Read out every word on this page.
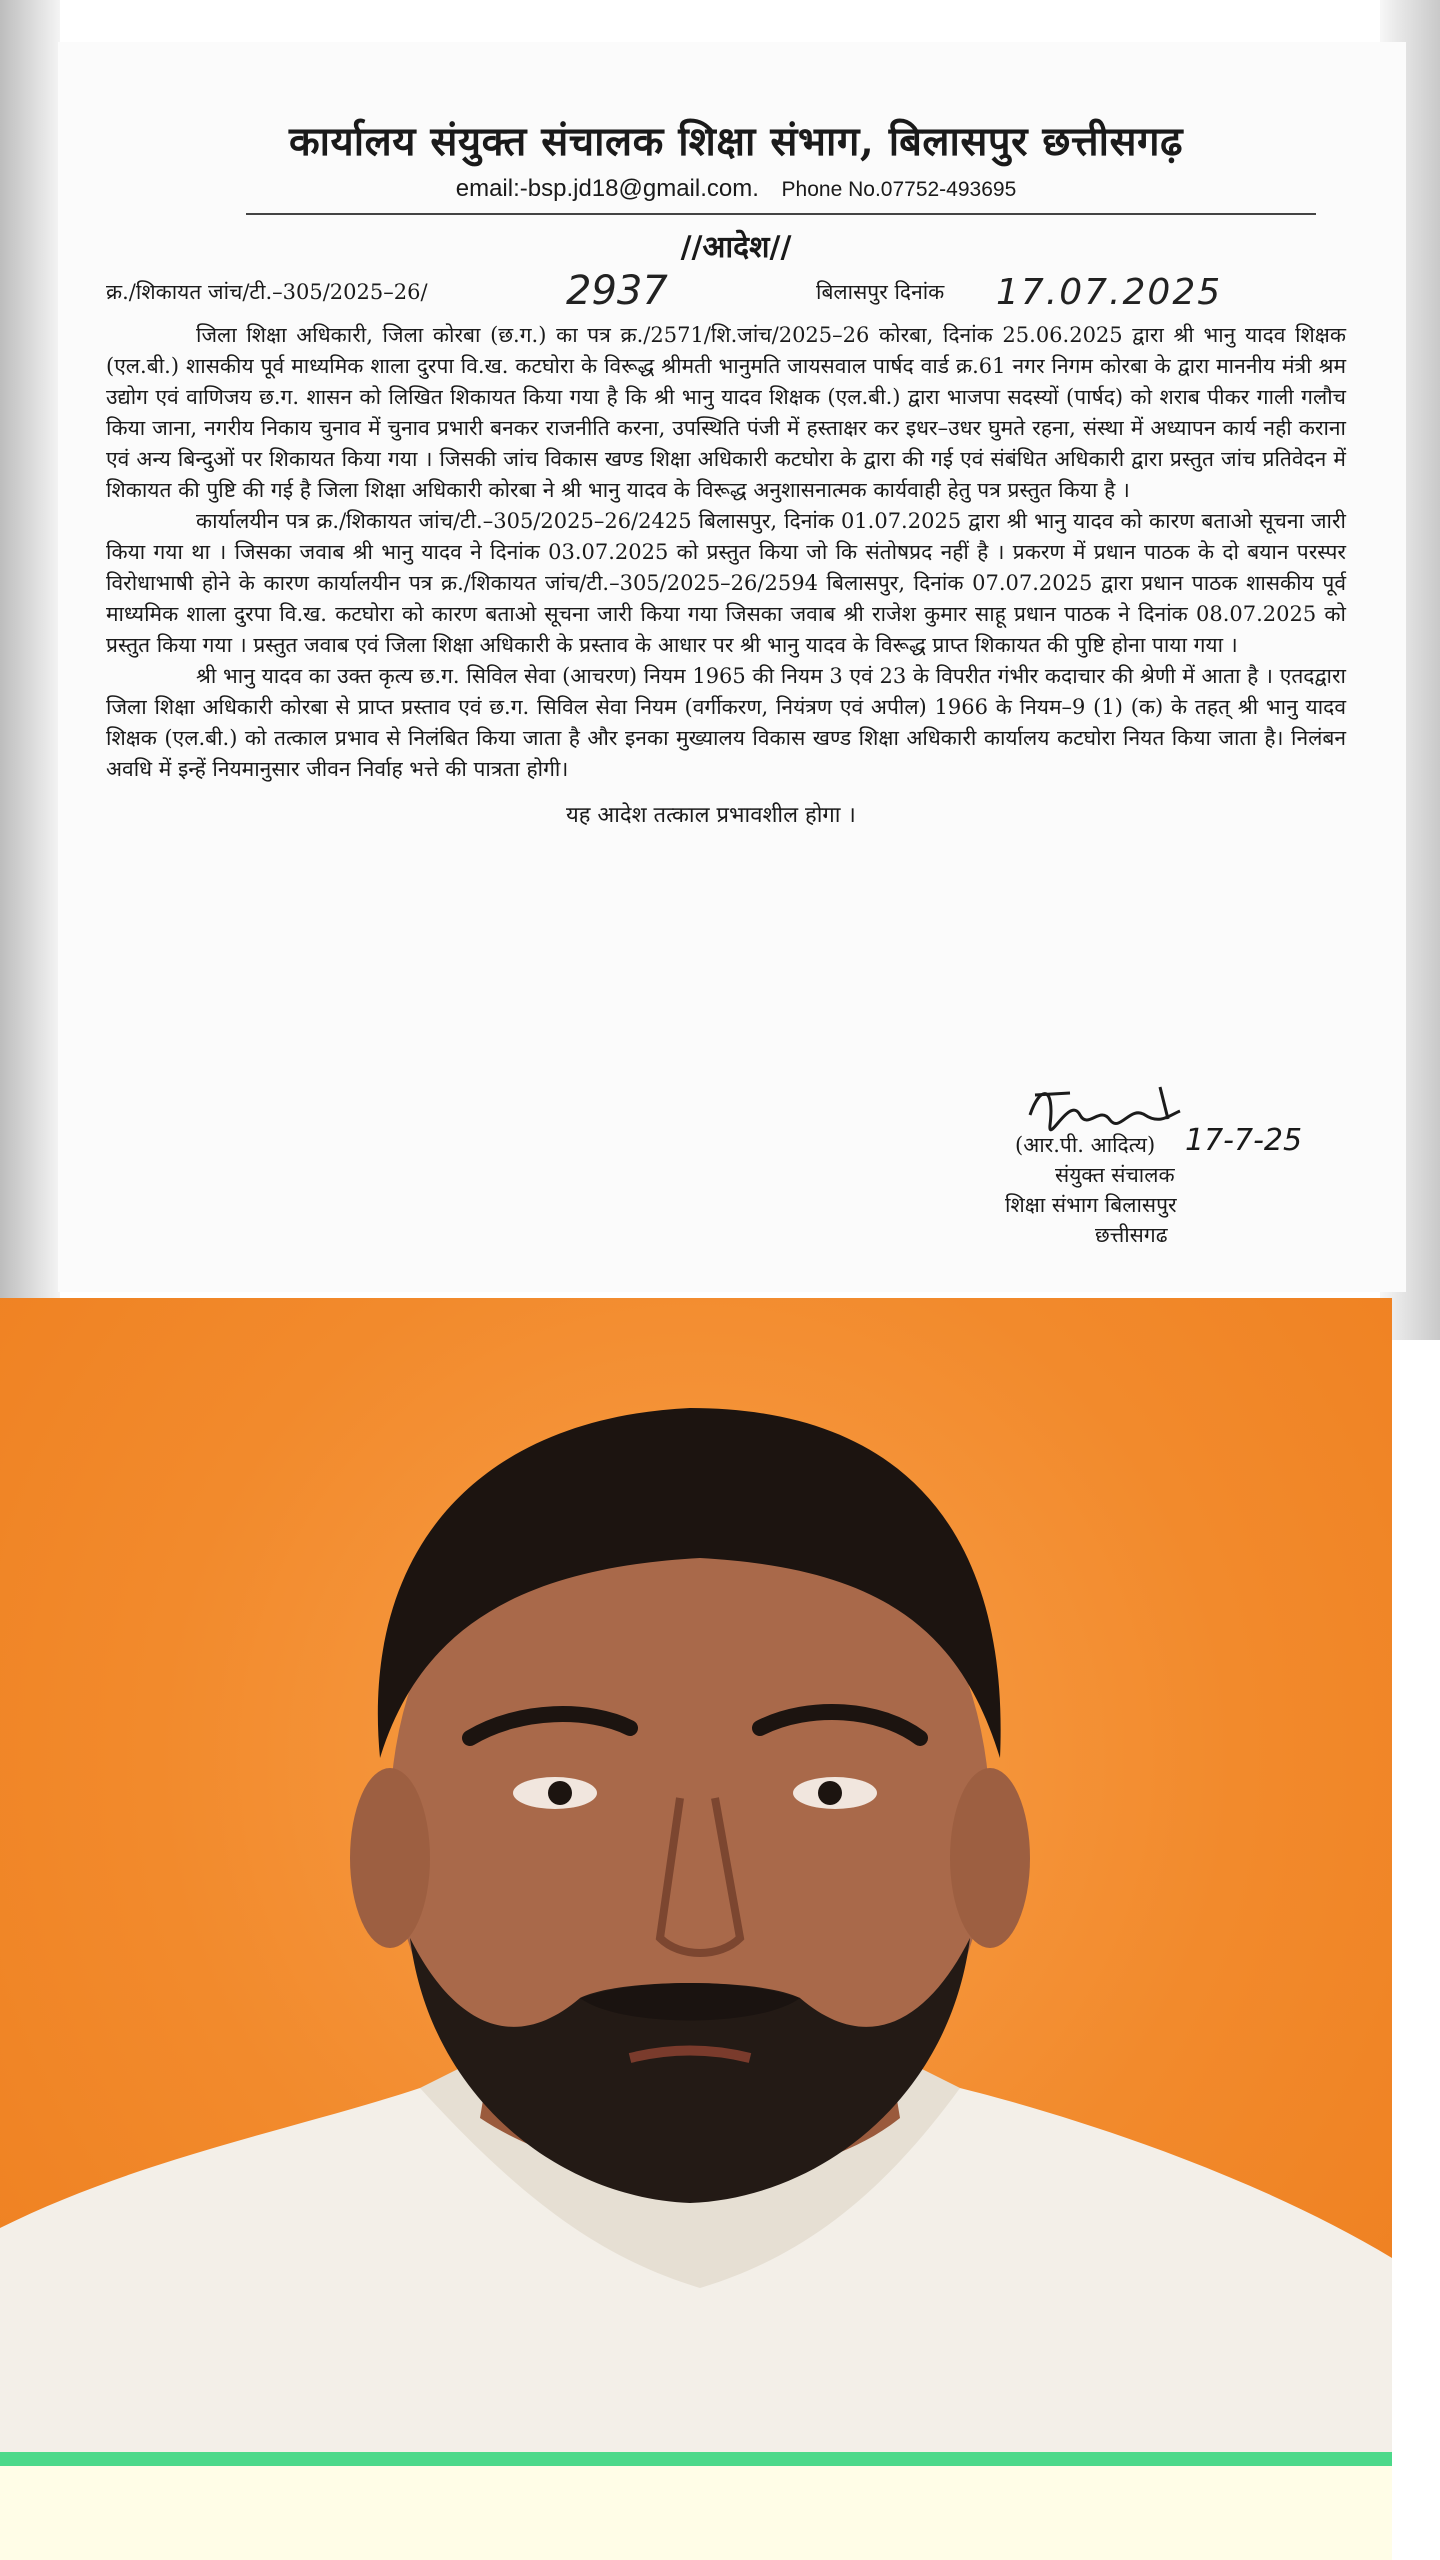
कार्यालय संयुक्त संचालक शिक्षा संभाग, बिलासपुर छत्तीसगढ़
email:-bsp.jd18@gmail.com. Phone No.07752-493695
//आदेश//
क्र./शिकायत जांच/टी.–305/2025–26/	2937	बिलासपुर दिनांक 17.07.2025

जिला शिक्षा अधिकारी, जिला कोरबा (छ.ग.) का पत्र क्र./2571/शि.जांच/2025–26 कोरबा, दिनांक 25.06.2025 द्वारा श्री भानु यादव शिक्षक (एल.बी.) शासकीय पूर्व माध्यमिक शाला दुरपा वि.ख. कटघोरा के विरूद्ध श्रीमती भानुमति जायसवाल पार्षद वार्ड क्र.61 नगर निगम कोरबा के द्वारा माननीय मंत्री श्रम उद्योग एवं वाणिजय छ.ग. शासन को लिखित शिकायत किया गया है कि श्री भानु यादव शिक्षक (एल.बी.) द्वारा भाजपा सदस्यों (पार्षद) को शराब पीकर गाली गलौच किया जाना, नगरीय निकाय चुनाव में चुनाव प्रभारी बनकर राजनीति करना, उपस्थिति पंजी में हस्ताक्षर कर इधर–उधर घुमते रहना, संस्था में अध्यापन कार्य नही कराना एवं अन्य बिन्दुओं पर शिकायत किया गया । जिसकी जांच विकास खण्ड शिक्षा अधिकारी कटघोरा के द्वारा की गई एवं संबंधित अधिकारी द्वारा प्रस्तुत जांच प्रतिवेदन में शिकायत की पुष्टि की गई है जिला शिक्षा अधिकारी कोरबा ने श्री भानु यादव के विरूद्ध अनुशासनात्मक कार्यवाही हेतु पत्र प्रस्तुत किया है ।

कार्यालयीन पत्र क्र./शिकायत जांच/टी.–305/2025–26/2425 बिलासपुर, दिनांक 01.07.2025 द्वारा श्री भानु यादव को कारण बताओ सूचना जारी किया गया था । जिसका जवाब श्री भानु यादव ने दिनांक 03.07.2025 को प्रस्तुत किया जो कि संतोषप्रद नहीं है । प्रकरण में प्रधान पाठक के दो बयान परस्पर विरोधाभाषी होने के कारण कार्यालयीन पत्र क्र./शिकायत जांच/टी.–305/2025–26/2594 बिलासपुर, दिनांक 07.07.2025 द्वारा प्रधान पाठक शासकीय पूर्व माध्यमिक शाला दुरपा वि.ख. कटघोरा को कारण बताओ सूचना जारी किया गया जिसका जवाब श्री राजेश कुमार साहू प्रधान पाठक ने दिनांक 08.07.2025 को प्रस्तुत किया गया । प्रस्तुत जवाब एवं जिला शिक्षा अधिकारी के प्रस्ताव के आधार पर श्री भानु यादव के विरूद्ध प्राप्त शिकायत की पुष्टि होना पाया गया ।

श्री भानु यादव का उक्त कृत्य छ.ग. सिविल सेवा (आचरण) नियम 1965 की नियम 3 एवं 23 के विपरीत गंभीर कदाचार की श्रेणी में आता है । एतदद्वारा जिला शिक्षा अधिकारी कोरबा से प्राप्त प्रस्ताव एवं छ.ग. सिविल सेवा नियम (वर्गीकरण, नियंत्रण एवं अपील) 1966 के नियम–9 (1) (क) के तहत् श्री भानु यादव शिक्षक (एल.बी.) को तत्काल प्रभाव से निलंबित किया जाता है और इनका मुख्यालय विकास खण्ड शिक्षा अधिकारी कार्यालय कटघोरा नियत किया जाता है। निलंबन अवधि में इन्हें नियमानुसार जीवन निर्वाह भत्ते की पात्रता होगी।

यह आदेश तत्काल प्रभावशील होगा ।
(आर.पी. आदित्य) 17-7-25
संयुक्त संचालक
शिक्षा संभाग बिलासपुर
छत्तीसगढ
